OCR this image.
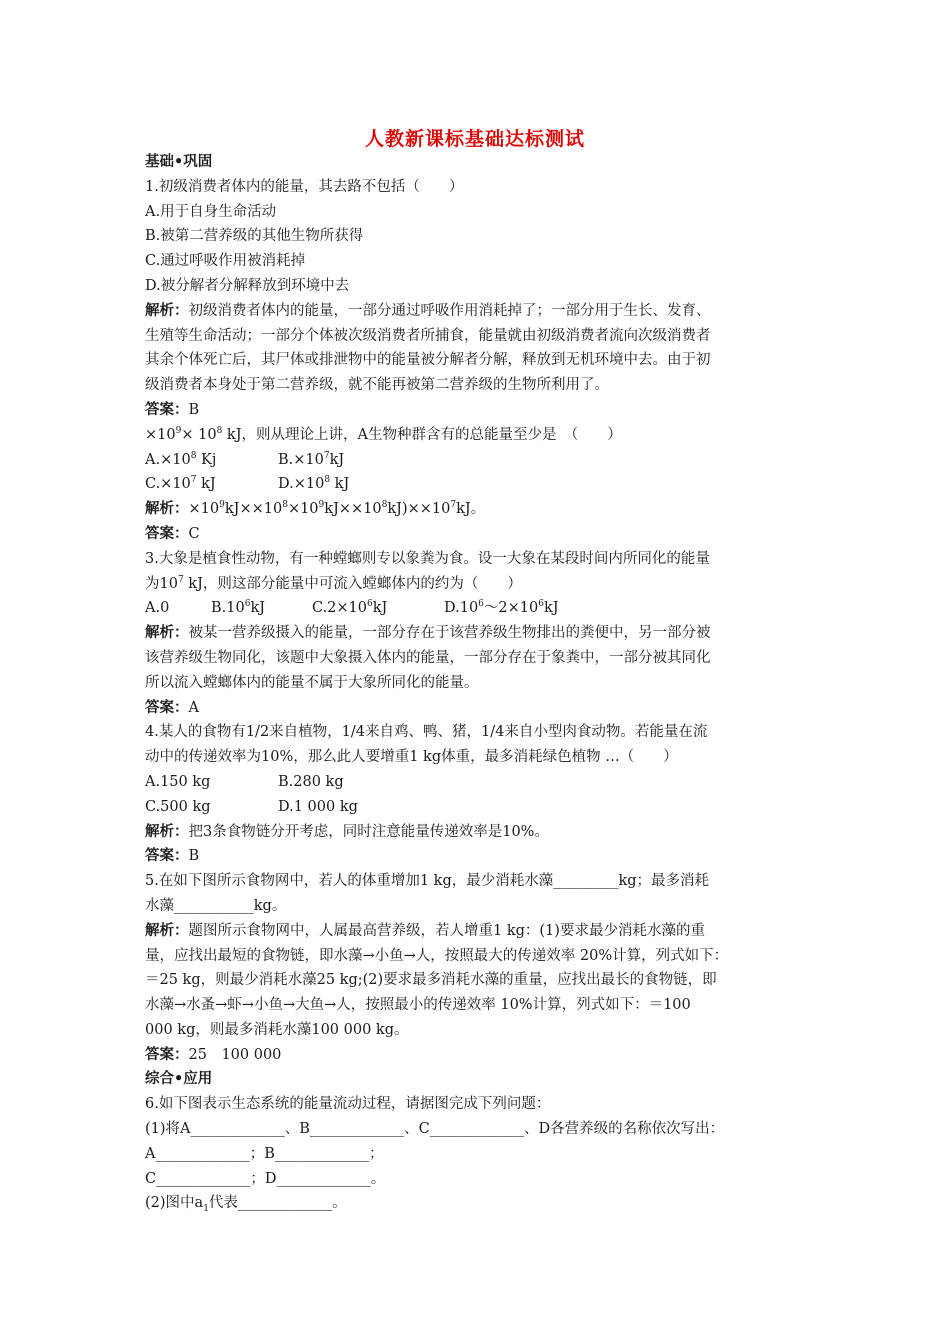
人教新课标基础达标测试
基础•巩固
1.初级消费者体内的能量，其去路不包括（　　）
A.用于自身生命活动
B.被第二营养级的其他生物所获得
C.通过呼吸作用被消耗掉
D.被分解者分解释放到环境中去
解析：初级消费者体内的能量，一部分通过呼吸作用消耗掉了；一部分用于生长、发育、
生殖等生命活动；一部分个体被次级消费者所捕食，能量就由初级消费者流向次级消费者
其余个体死亡后，其尸体或排泄物中的能量被分解者分解，释放到无机环境中去。由于初
级消费者本身处于第二营养级，就不能再被第二营养级的生物所利用了。
答案：B
$\times 10^9\times 10^8$ kJ，则从理论上讲，A生物种群含有的总能量至少是　（　　）
$A.\times 10^8$ Kj	$B.\times 10^7kJ$
$C.\times 10^7$ kJ	$D.\times 10^8$ kJ
解析：$\times 10^9kJ\times\times 10^8\times 10^9kJ\times\times 10^8kJ)\times\times 10^7kJ$。
答案：C
3.大象是植食性动物，有一种螳螂则专以象粪为食。设一大象在某段时间内所同化的能量
为$10^7$ kJ，则这部分能量中可流入螳螂体内的约为（　　）
A.0	$B.10^6kJ$	$C.2\times 10^6kJ$	$D.10^6\sim 2\times 10^6kJ$
解析：被某一营养级摄入的能量，一部分存在于该营养级生物排出的粪便中，另一部分被
该营养级生物同化，该题中大象摄入体内的能量，一部分存在于象粪中，一部分被其同化
所以流入螳螂体内的能量不属于大象所同化的能量。
答案：A
4.某人的食物有1/2来自植物，1/4来自鸡、鸭、猪，1/4来自小型肉食动物。若能量在流
动中的传递效率为10%，那么此人要增重1 kg体重，最多消耗绿色植物 …（　　）
A.150 kg	B.280 kg
C.500 kg	D.1 000 kg
解析：把3条食物链分开考虑，同时注意能量传递效率是10%。
答案：B
5.在如下图所示食物网中，若人的体重增加1 kg，最少消耗水藻_________kg；最多消耗
水藻___________kg。
解析：题图所示食物网中，人属最高营养级，若人增重1 kg：(1)要求最少消耗水藻的重
量，应找出最短的食物链，即水藻→小鱼→人，按照最大的传递效率 20%计算，列式如下：
＝25 kg，则最少消耗水藻25 kg;(2)要求最多消耗水藻的重量，应找出最长的食物链，即
水藻→水蚤→虾→小鱼→大鱼→人，按照最小的传递效率 10%计算，列式如下：＝100
000 kg，则最多消耗水藻100 000 kg。
答案：25　100 000
综合•应用
6.如下图表示生态系统的能量流动过程，请据图完成下列问题：
(1)将A_____________、B_____________、C_____________、D各营养级的名称依次写出：
A_____________；B_____________；
C_____________；D_____________。
(2)图中$a_1$代表_____________。
